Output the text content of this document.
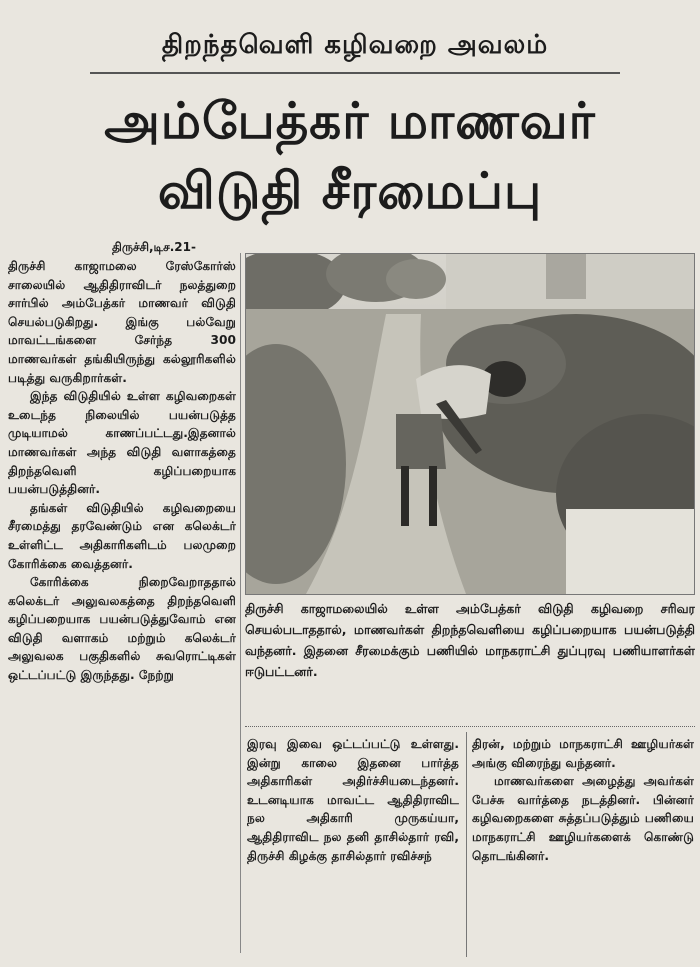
திறந்தவெளி கழிவறை அவலம்
அம்பேத்கர் மாணவர்
விடுதி சீரமைப்பு
திருச்சி,டிச.21-

திருச்சி காஜாமலை ரேஸ்கோர்ஸ் சாலையில் ஆதிதிராவிடர் நலத்துறை சார்பில் அம்பேத்கர் மாணவர் விடுதி செயல்படுகிறது. இங்கு பல்வேறு மாவட்டங்களை சேர்ந்த 300 மாணவர்கள் தங்கியிருந்து கல்லூரிகளில் படித்து வருகிறார்கள்.

இந்த விடுதியில் உள்ள கழிவறைகள் உடைந்த நிலையில் பயன்படுத்த முடியாமல் காணப்பட்டது.இதனால் மாணவர்கள் அந்த விடுதி வளாகத்தை திறந்தவெளி கழிப்பறையாக பயன்படுத்தினர்.

தங்கள் விடுதியில் கழிவறையை சீரமைத்து தரவேண்டும் என கலெக்டர் உள்ளிட்ட அதிகாரிகளிடம் பலமுறை கோரிக்கை வைத்தனர்.

கோரிக்கை நிறைவேறாததால் கலெக்டர் அலுவலகத்தை திறந்தவெளி கழிப்பறையாக பயன்படுத்துவோம் என விடுதி வளாகம் மற்றும் கலெக்டர் அலுவலக பகுதிகளில் சுவரொட்டிகள் ஒட்டப்பட்டு இருந்தது. நேற்று

திருச்சி காஜாமலையில் உள்ள அம்பேத்கர் விடுதி கழிவறை சரிவர செயல்படாததால், மாணவர்கள் திறந்தவெளியை கழிப்பறையாக பயன்படுத்தி வந்தனர். இதனை சீரமைக்கும் பணியில் மாநகராட்சி துப்புரவு பணியாளர்கள் ஈடுபட்டனர்.

இரவு இவை ஒட்டப்பட்டு உள்ளது. இன்று காலை இதனை பார்த்த அதிகாரிகள் அதிர்ச்சியடைந்தனர். உடனடியாக மாவட்ட ஆதிதிராவிட நல அதிகாரி முருகய்யா, ஆதிதிராவிட நல தனி தாசில்தார் ரவி, திருச்சி கிழக்கு தாசில்தார் ரவிச்சந்

திரன், மற்றும் மாநகராட்சி ஊழியர்கள் அங்கு விரைந்து வந்தனர்.

மாணவர்களை அழைத்து அவர்கள் பேச்சு வார்த்தை நடத்தினர். பின்னர் கழிவறைகளை சுத்தப்படுத்தும் பணியை மாநகராட்சி ஊழியர்களைக் கொண்டு தொடங்கினர்.
